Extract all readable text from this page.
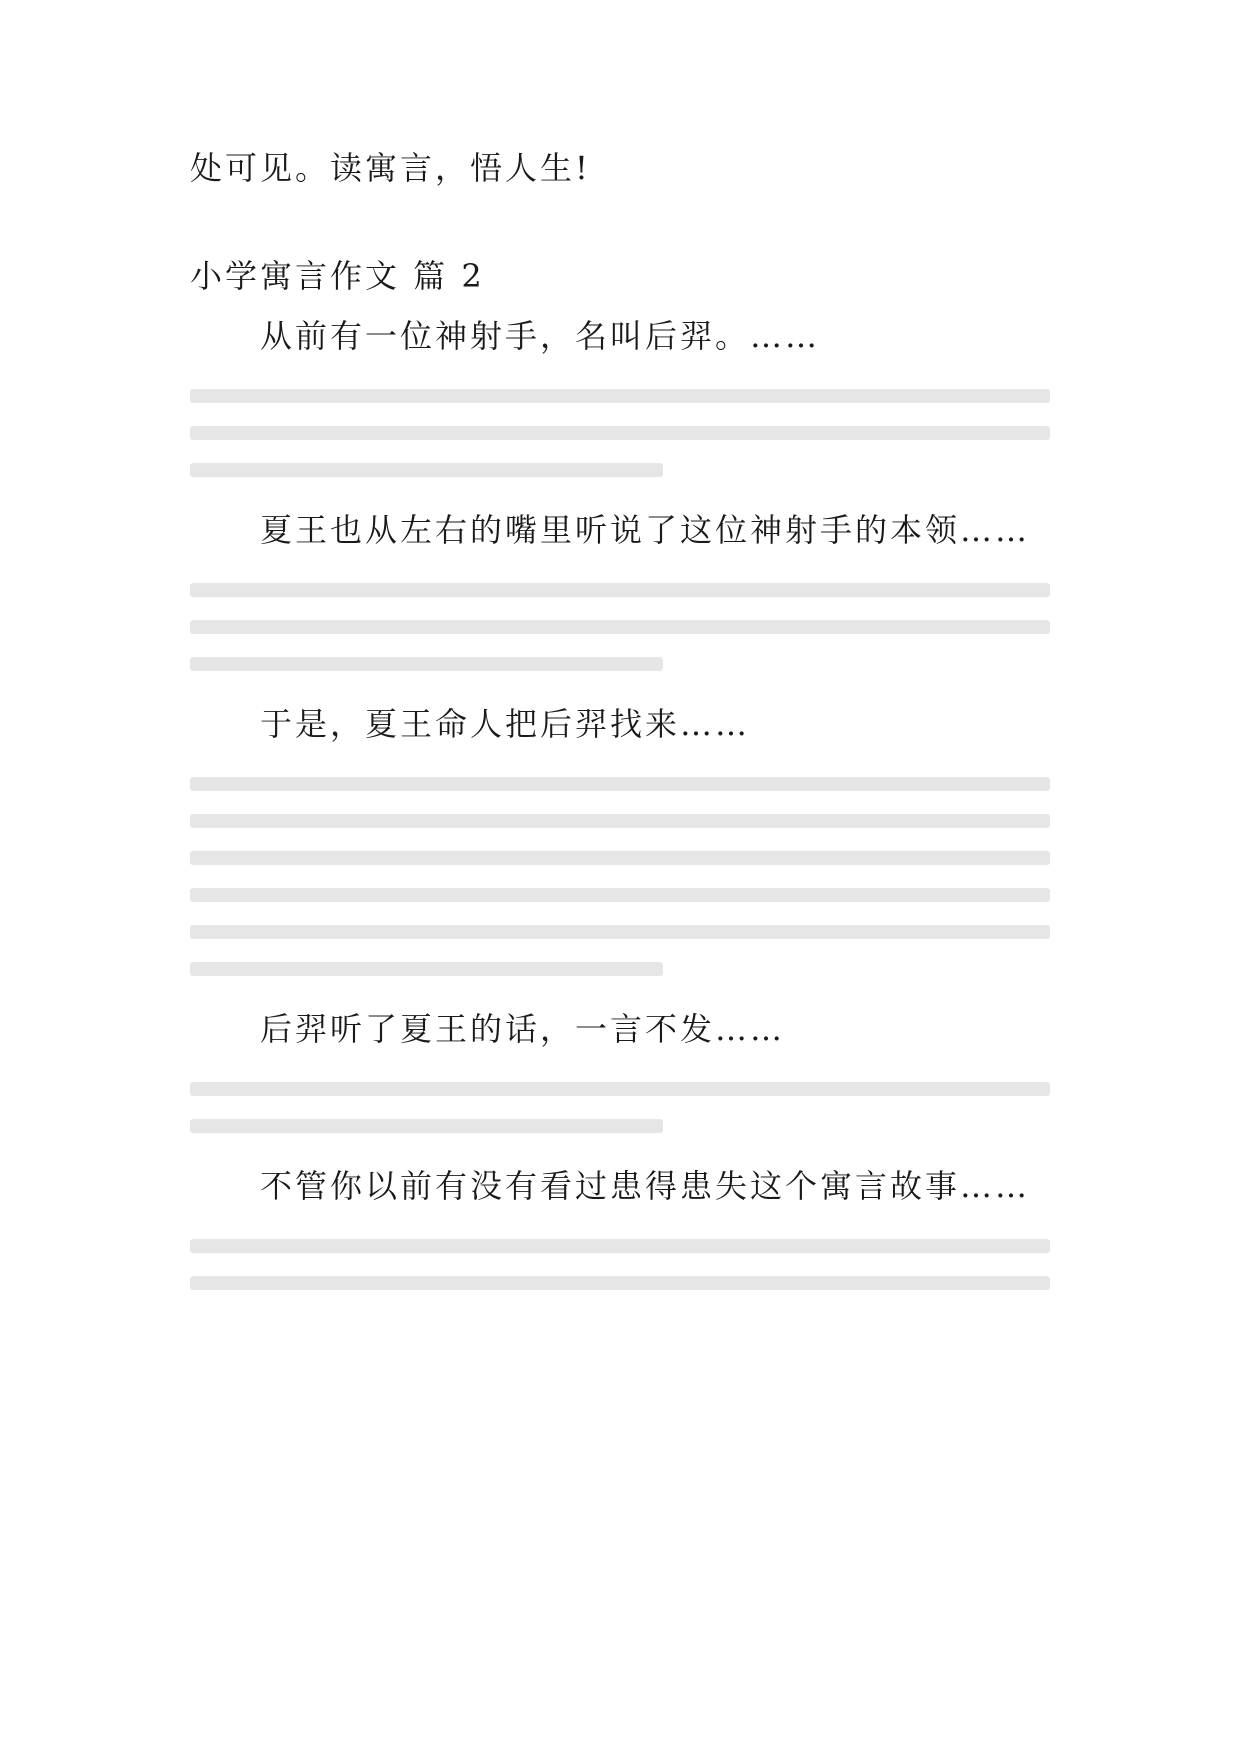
处可见。读寓言，悟人生!

小学寓言作文 篇 2

从前有一位神射手，名叫后羿。……

夏王也从左右的嘴里听说了这位神射手的本领……

于是，夏王命人把后羿找来……

后羿听了夏王的话，一言不发……

不管你以前有没有看过患得患失这个寓言故事……
